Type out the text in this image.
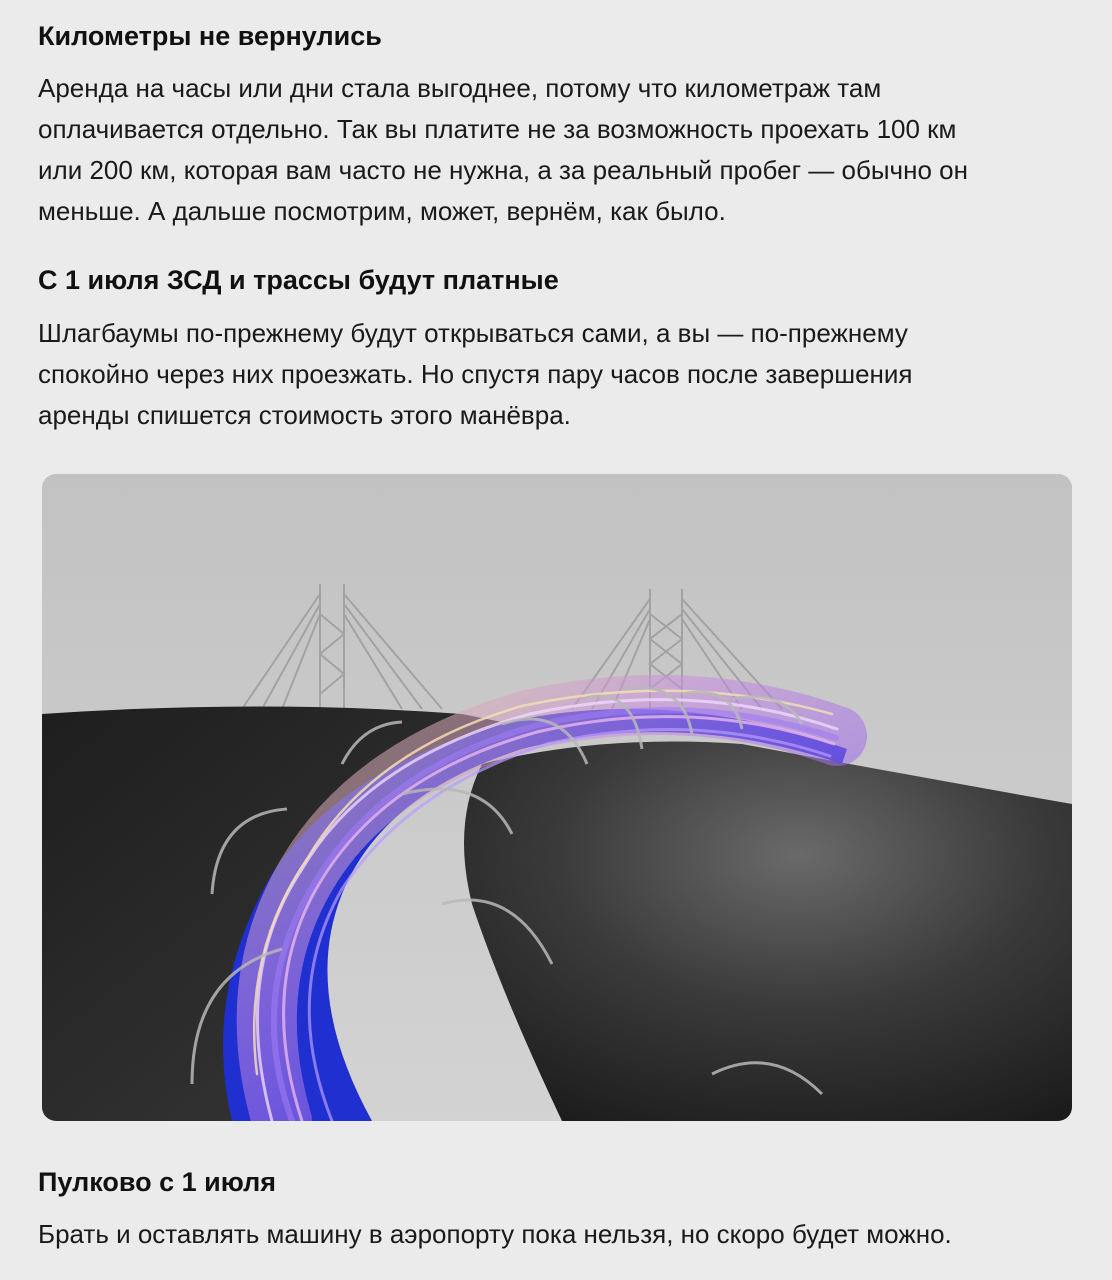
Километры не вернулись

Аренда на часы или дни стала выгоднее, потому что километраж там
оплачивается отдельно. Так вы платите не за возможность проехать 100 км
или 200 км, которая вам часто не нужна, а за реальный пробег — обычно он
меньше. А дальше посмотрим, может, вернём, как было.

С 1 июля ЗСД и трассы будут платные

Шлагбаумы по-прежнему будут открываться сами, а вы — по-прежнему
спокойно через них проезжать. Но спустя пару часов после завершения
аренды спишется стоимость этого манёвра.

Пулково с 1 июля

Брать и оставлять машину в аэропорту пока нельзя, но скоро будет можно.
